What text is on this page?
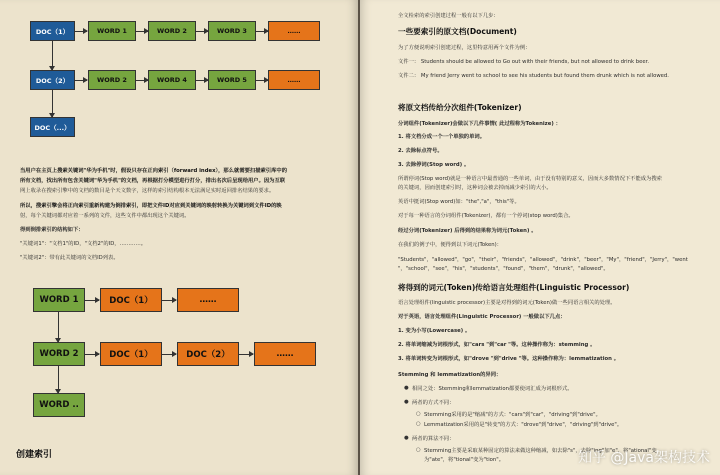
DOC（1）	WORD 1	WORD 2	WORD 3	……
DOC（2）	WORD 2	WORD 4	WORD 5	……
DOC（...）
当用户在主页上搜索关键词"华为手机"时，假设只存在正向索引（forward index），那么就需要扫描索引库中的
所有文档，找出所有包含关键词"华为手机"的文档，再根据打分模型进行打分，排出名次后呈现给用户。因为互联
网上收录在搜索引擎中的文档的数目是个天文数字，这样的索引结构根本无法满足实时返回排名结果的要求。
所以，搜索引擎会将正向索引重新构建为倒排索引，即把文件ID对应到关键词的映射转换为关键词到文件ID的映
射，每个关键词都对应着一系列的文件，这些文件中都出现这个关键词。
得到倒排索引的结构如下：
"关键词1"："文档1"的ID，"文档2"的ID，…………。
"关键词2"：带有此关键词的文档ID列表。
WORD 1	DOC（1）	……
WORD 2	DOC（1）	DOC（2）	……
WORD ..
创建索引
全文检索的索引创建过程一般有以下几步：
一些要索引的原文档(Document)
为了方便说明索引创建过程，这里特意用两个文件为例：
文件一： Students should be allowed to Go out with their friends, but not allowed to drink beer.
文件二： My friend Jerry went to school to see his students but found them drunk which is not allowed.
将原文档传给分次组件(Tokenizer)
分词组件(Tokenizer)会做以下几件事情( 此过程称为Tokenize) ：
1. 将文档分成一个一个单独的单词。
2. 去除标点符号。
3. 去除停词(Stop word) 。
所谓停词(Stop word)就是一种语言中最普通的一些单词，由于没有特别的意义，因而大多数情况下不能成为搜索
的关键词，因而创建索引时，这种词会被去掉而减少索引的大小。
英语中挺词(Stop word)如："the","a"，"this"等。
对于每一种语言的分词组件(Tokenizer)，都有一个停词(stop word)集合。
经过分词(Tokenizer) 后得到的结果称为词元(Token) 。
在我们的例子中，便得到以下词元(Token)：
"Students"，"allowed"，"go"，"their"，"friends"，"allowed"，"drink"，"beer"，"My"，"friend"，"Jerry"，"went
"，"school"，"see"，"his"，"students"，"found"，"them"，"drunk"，"allowed"。
将得到的词元(Token)传给语言处理组件(Linguistic Processor)
语言处理组件(linguistic processor)主要是对得到的词元(Token)做一些同语言相关的处理。
对于英语，语言处理组件(Linguistic Processor) 一般做以下几点：
1. 变为小写(Lowercase) 。
2. 将单词缩减为词根形式，如"cars "到"car "等。这种操作称为：stemming 。
3. 将单词转变为词根形式，如"drove "到"drive "等。这种操作称为：lemmatization 。
Stemming 和 lemmatization的异同：
● 相同之处：Stemming和lemmatization都要使词汇成为词根形式。
● 两者的方式不同：
○ Stemming采用的是"缩减"的方式："cars"到"car"，"driving"到"drive"。
○ Lemmatization采用的是"转变"的方式："drove"到"drive"，"driving"到"drive"。
● 两者的算法不同：
○ Stemming主要是采取某种固定的算法来做这种缩减，如去除"s"，去除"ing"加"e"，将"ational"变
为"ate"，将"tional"变为"tion"。	知乎 @Java架构技术
